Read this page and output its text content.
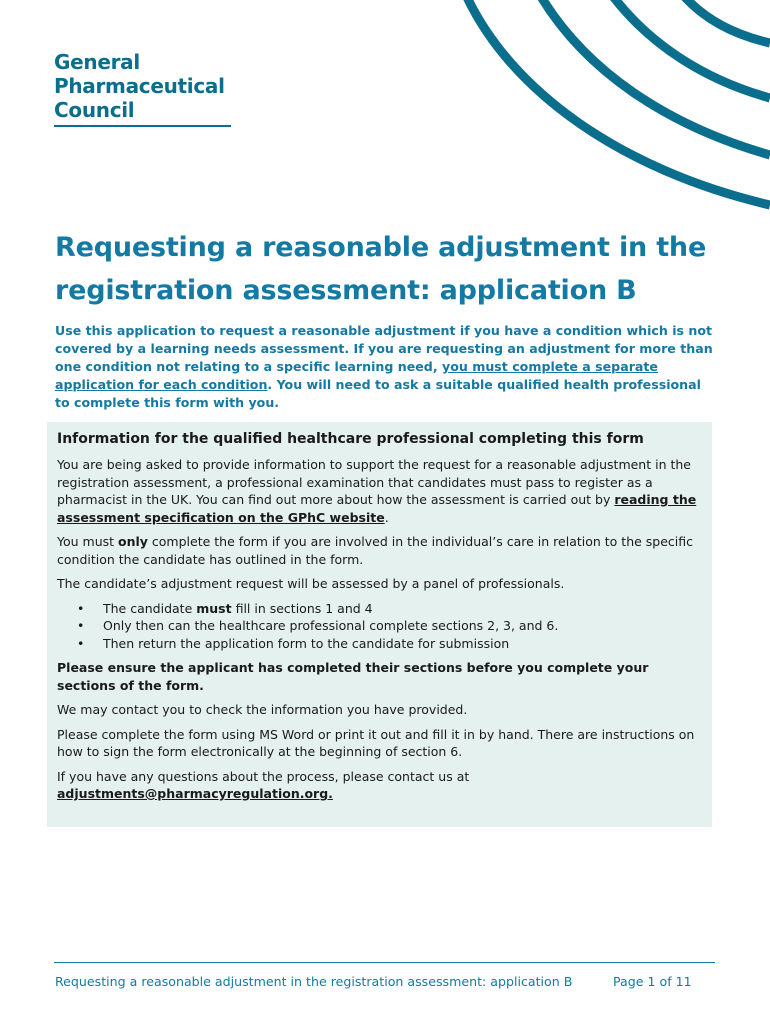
General
Pharmaceutical
Council
Requesting a reasonable adjustment in the registration assessment: application B

Use this application to request a reasonable adjustment if you have a condition which is not covered by a learning needs assessment. If you are requesting an adjustment for more than one condition not relating to a specific learning need, you must complete a separate application for each condition. You will need to ask a suitable qualified health professional to complete this form with you.

Information for the qualified healthcare professional completing this form

You are being asked to provide information to support the request for a reasonable adjustment in the registration assessment, a professional examination that candidates must pass to register as a pharmacist in the UK. You can find out more about how the assessment is carried out by reading the assessment specification on the GPhC website.

You must only complete the form if you are involved in the individual’s care in relation to the specific condition the candidate has outlined in the form.

The candidate’s adjustment request will be assessed by a panel of professionals.

• The candidate must fill in sections 1 and 4
• Only then can the healthcare professional complete sections 2, 3, and 6.
• Then return the application form to the candidate for submission

Please ensure the applicant has completed their sections before you complete your sections of the form.

We may contact you to check the information you have provided.

Please complete the form using MS Word or print it out and fill it in by hand. There are instructions on how to sign the form electronically at the beginning of section 6.

If you have any questions about the process, please contact us at
adjustments@pharmacyregulation.org.

Requesting a reasonable adjustment in the registration assessment: application B	Page 1 of 11
